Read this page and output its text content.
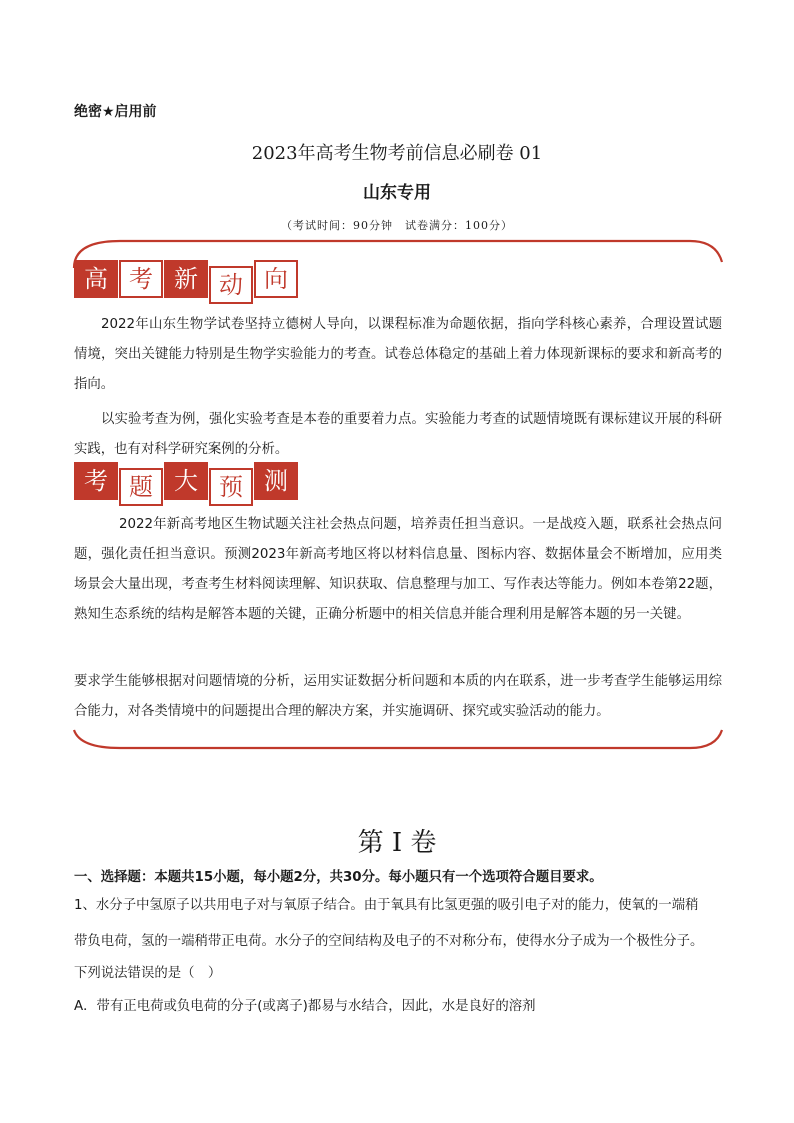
绝密★启用前
2023年高考生物考前信息必刷卷 01
山东专用
（考试时间：90分钟　试卷满分：100分）
高 考 新 动 向
2022年山东生物学试卷坚持立德树人导向，以课程标准为命题依据，指向学科核心素养，合理设置试题情境，突出关键能力特别是生物学实验能力的考查。试卷总体稳定的基础上着力体现新课标的要求和新高考的指向。
以实验考查为例，强化实验考查是本卷的重要着力点。实验能力考查的试题情境既有课标建议开展的科研实践，也有对科学研究案例的分析。
考 题 大 预 测
2022年新高考地区生物试题关注社会热点问题，培养责任担当意识。一是战疫入题，联系社会热点问题，强化责任担当意识。预测2023年新高考地区将以材料信息量、图标内容、数据体量会不断增加，应用类场景会大量出现，考查考生材料阅读理解、知识获取、信息整理与加工、写作表达等能力。例如本卷第22题，熟知生态系统的结构是解答本题的关键，正确分析题中的相关信息并能合理利用是解答本题的另一关键。
要求学生能够根据对问题情境的分析，运用实证数据分析问题和本质的内在联系，进一步考查学生能够运用综合能力，对各类情境中的问题提出合理的解决方案，并实施调研、探究或实验活动的能力。
第 I 卷
一、选择题：本题共15小题，每小题2分，共30分。每小题只有一个选项符合题目要求。
1、水分子中氢原子以共用电子对与氧原子结合。由于氧具有比氢更强的吸引电子对的能力，使氧的一端稍
带负电荷，氢的一端稍带正电荷。水分子的空间结构及电子的不对称分布，使得水分子成为一个极性分子。
下列说法错误的是（　）
A．带有正电荷或负电荷的分子(或离子)都易与水结合，因此，水是良好的溶剂
